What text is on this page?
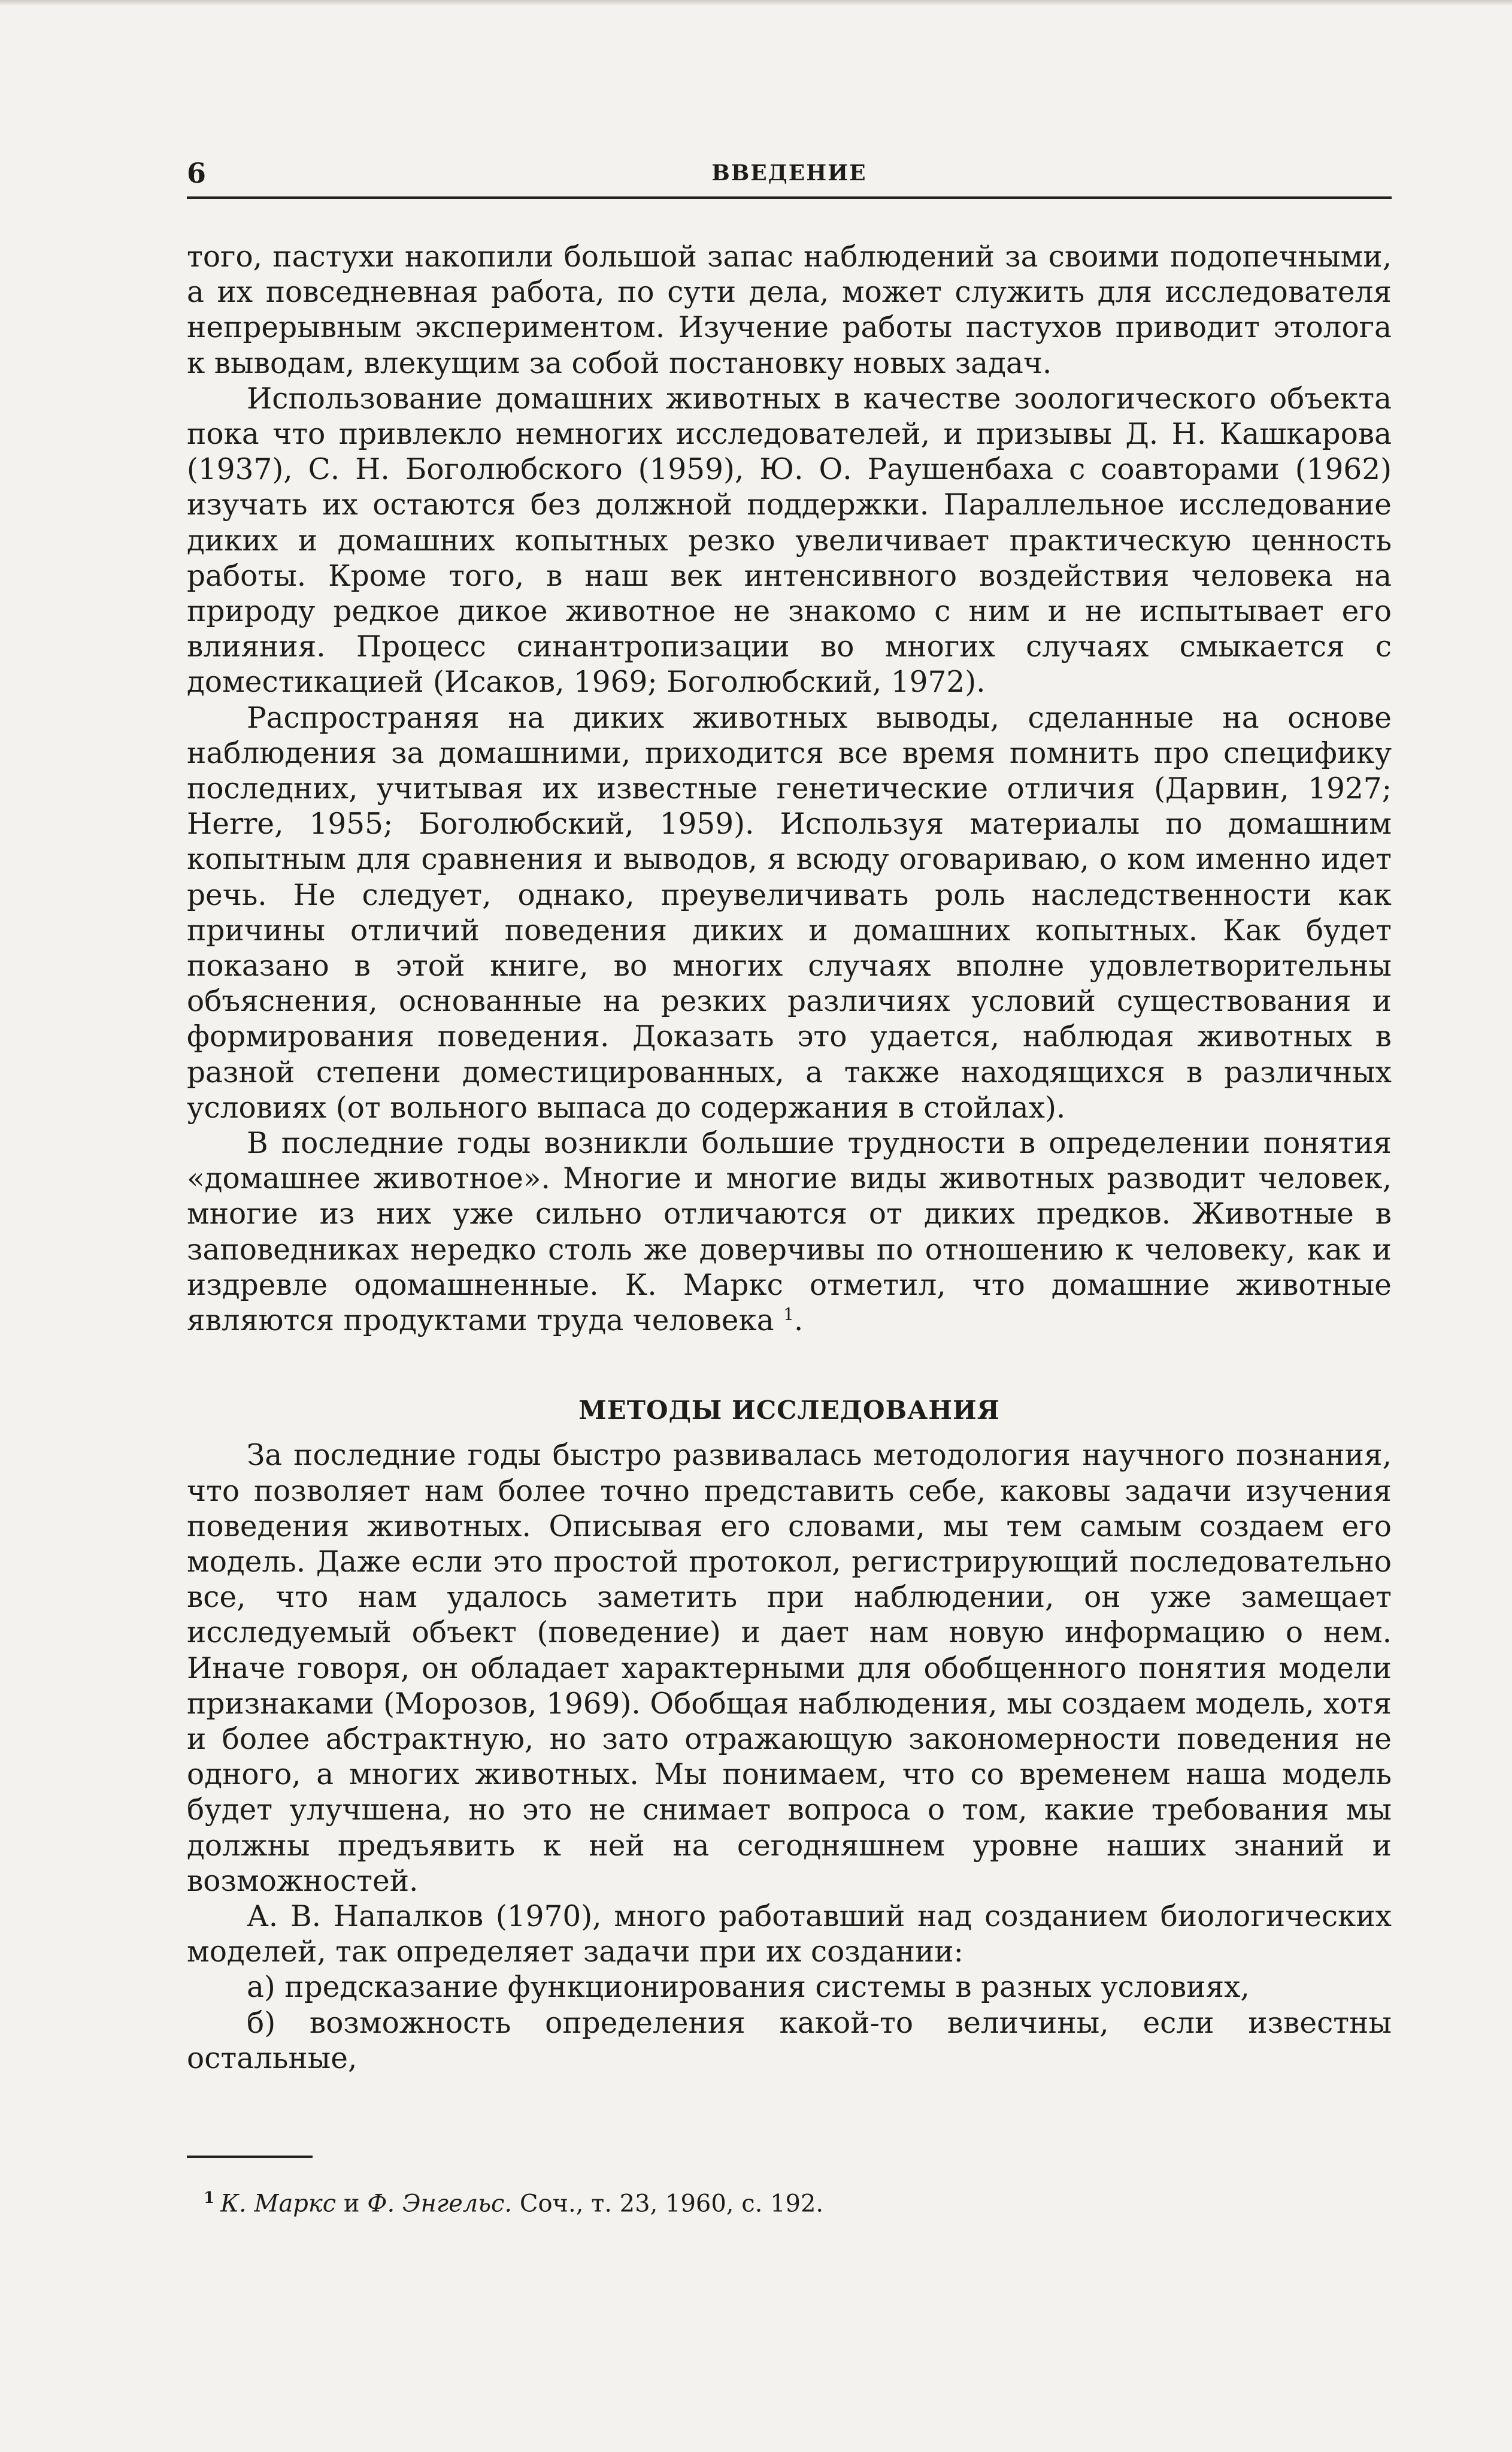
6	ВВЕДЕНИЕ

того, пастухи накопили большой запас наблюдений за своими подопечными, а их повседневная работа, по сути дела, может служить для исследователя непрерывным экспериментом. Изучение работы пастухов приводит этолога к выводам, влекущим за собой постановку новых задач.

Использование домашних животных в качестве зоологического объекта пока что привлекло немногих исследователей, и призывы Д. Н. Кашкарова (1937), С. Н. Боголюбского (1959), Ю. О. Раушенбаха с соавторами (1962) изучать их остаются без должной поддержки. Параллельное исследование диких и домашних копытных резко увеличивает практическую ценность работы. Кроме того, в наш век интенсивного воздействия человека на природу редкое дикое животное не знакомо с ним и не испытывает его влияния. Процесс синантропизации во многих случаях смыкается с доместикацией (Исаков, 1969; Боголюбский, 1972).

Распространяя на диких животных выводы, сделанные на основе наблюдения за домашними, приходится все время помнить про специфику последних, учитывая их известные генетические отличия (Дарвин, 1927; Herre, 1955; Боголюбский, 1959). Используя материалы по домашним копытным для сравнения и выводов, я всюду оговариваю, о ком именно идет речь. Не следует, однако, преувеличивать роль наследственности как причины отличий поведения диких и домашних копытных. Как будет показано в этой книге, во многих случаях вполне удовлетворительны объяснения, основанные на резких различиях условий существования и формирования поведения. Доказать это удается, наблюдая животных в разной степени доместицированных, а также находящихся в различных условиях (от вольного выпаса до содержания в стойлах).

В последние годы возникли большие трудности в определении понятия «домашнее животное». Многие и многие виды животных разводит человек, многие из них уже сильно отличаются от диких предков. Животные в заповедниках нередко столь же доверчивы по отношению к человеку, как и издревле одомашненные. К. Маркс отметил, что домашние животные являются продуктами труда человека $^1$.

МЕТОДЫ ИССЛЕДОВАНИЯ

За последние годы быстро развивалась методология научного познания, что позволяет нам более точно представить себе, каковы задачи изучения поведения животных. Описывая его словами, мы тем самым создаем его модель. Даже если это простой протокол, регистрирующий последовательно все, что нам удалось заметить при наблюдении, он уже замещает исследуемый объект (поведение) и дает нам новую информацию о нем. Иначе говоря, он обладает характерными для обобщенного понятия модели признаками (Морозов, 1969). Обобщая наблюдения, мы создаем модель, хотя и более абстрактную, но зато отражающую закономерности поведения не одного, а многих животных. Мы понимаем, что со временем наша модель будет улучшена, но это не снимает вопроса о том, какие требования мы должны предъявить к ней на сегодняшнем уровне наших знаний и возможностей.

А. В. Напалков (1970), много работавший над созданием биологических моделей, так определяет задачи при их создании:

а) предсказание функционирования системы в разных условиях,

б) возможность определения какой-то величины, если известны остальные,

$^1$ К. Маркс и Ф. Энгельс. Соч., т. 23, 1960, с. 192.
